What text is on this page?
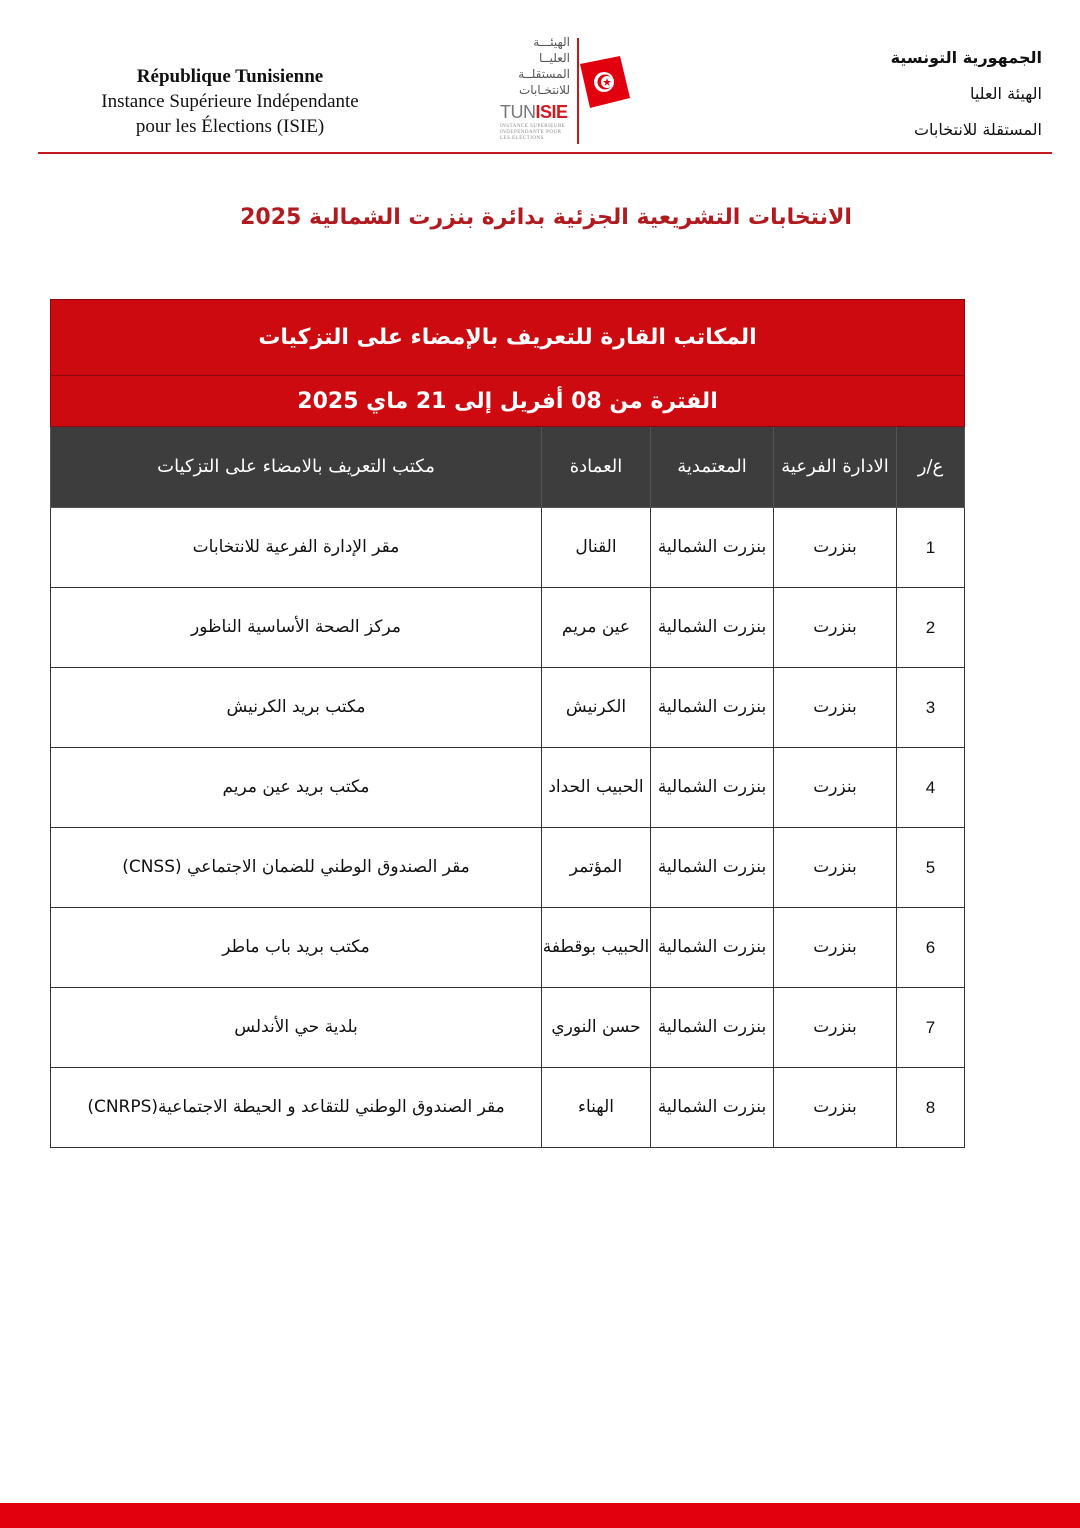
République Tunisienne
Instance Supérieure Indépendante
pour les Élections (ISIE)
الهيئـــة
العليــا
المستقلــة
للانتخـابات
TUNISIE
INSTANCE SUPERIEURE INDEPENDANTE POUR LES ELECTIONS
الجمهورية التونسية
الهيئة العليا
المستقلة للانتخابات
الانتخابات التشريعية الجزئية بدائرة بنزرت الشمالية 2025
المكاتب القارة للتعريف بالإمضاء على التزكيات				
الفترة من 08 أفريل إلى 21 ماي 2025				
ع/ر	الادارة الفرعية	المعتمدية	العمادة	مكتب التعريف بالامضاء على التزكيات
1	بنزرت	بنزرت الشمالية	القنال	مقر الإدارة الفرعية للانتخابات
2	بنزرت	بنزرت الشمالية	عين مريم	مركز الصحة الأساسية الناظور
3	بنزرت	بنزرت الشمالية	الكرنيش	مكتب بريد الكرنيش
4	بنزرت	بنزرت الشمالية	الحبيب الحداد	مكتب بريد عين مريم
5	بنزرت	بنزرت الشمالية	المؤتمر	مقر الصندوق الوطني للضمان الاجتماعي (CNSS)
6	بنزرت	بنزرت الشمالية	الحبيب بوقطفة	مكتب بريد باب ماطر
7	بنزرت	بنزرت الشمالية	حسن النوري	بلدية حي الأندلس
8	بنزرت	بنزرت الشمالية	الهناء	مقر الصندوق الوطني للتقاعد و الحيطة الاجتماعية(CNRPS)
